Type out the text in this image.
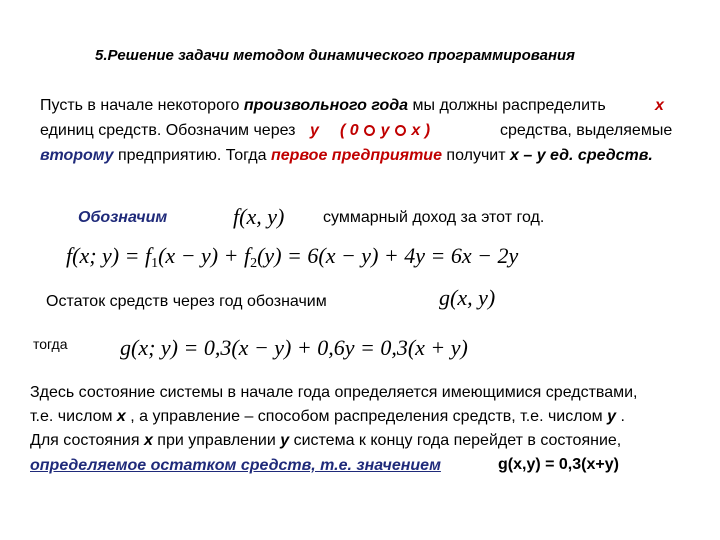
5.Решение задачи методом динамического программирования
Пусть в начале некоторого произвольного года мы должны распределить	x
единиц средств. Обозначим через y ( 0 y x )	средства, выделяемые
второму предприятию. Тогда первое предприятие получит x – y ед. средств.
Обозначим	f(x, y) суммарный доход за этот год.
f(x; $y) = f_1(x - y) + f_2(y) = 6(x - y) + 4y = 6x - 2y$
Остаток средств через год обозначим	g(x, y)
тогда g(x; y) = 0,3(x − y) + 0,6y = 0,3(x + y)
Здесь состояние системы в начале года определяется имеющимися средствами,
т.е. числом x , а управление – способом распределения средств, т.е. числом y .
Для состояния x при управлении y система к концу года перейдет в состояние,
определяемое остатком средств, т.е. значением	g(x,y) = 0,3(x+y)
